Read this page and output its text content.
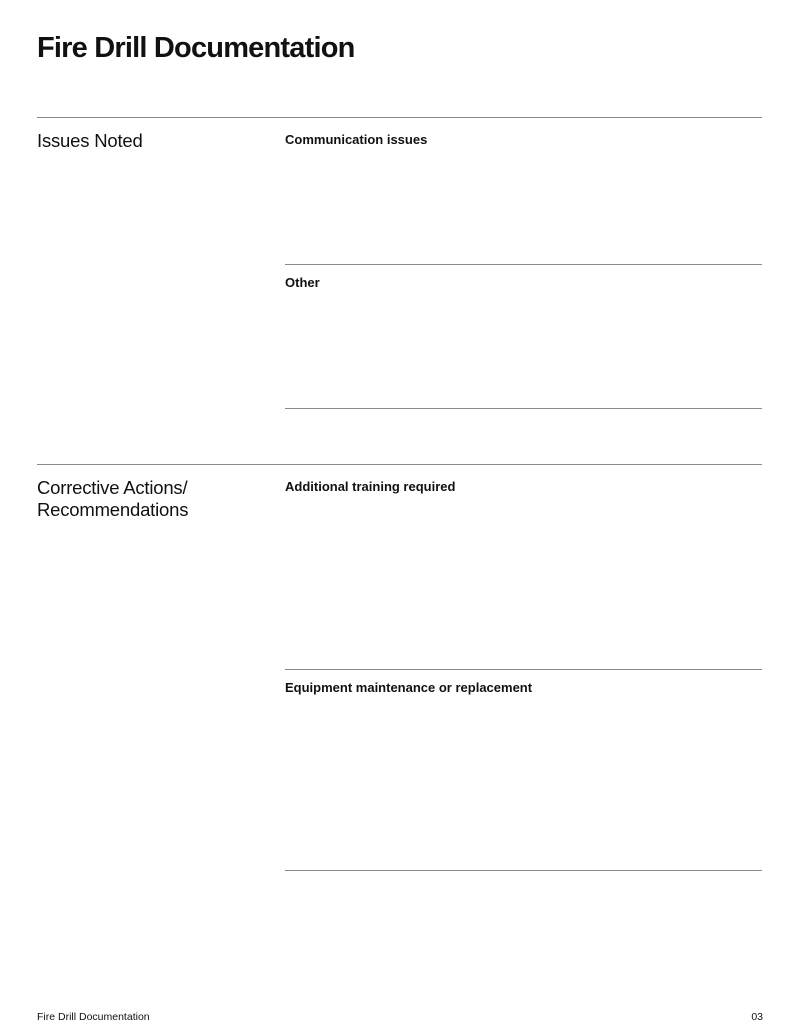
Fire Drill Documentation
Issues Noted	Communication issues
Other
Corrective Actions/
Recommendations
Additional training required
Equipment maintenance or replacement
Fire Drill Documentation	03
